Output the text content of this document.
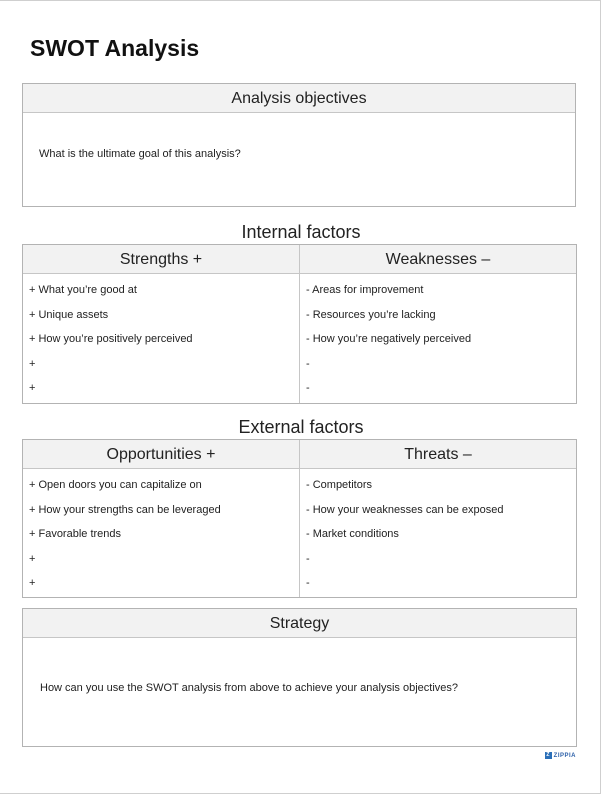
SWOT Analysis
Analysis objectives
What is the ultimate goal of this analysis?
Internal factors
Strengths +
+ What you’re good at
+ Unique assets
+ How you’re positively perceived
+
+
Weaknesses –
- Areas for improvement
- Resources you’re lacking
- How you’re negatively perceived
-
-
External factors
Opportunities +
+ Open doors you can capitalize on
+ How your strengths can be leveraged
+ Favorable trends
+
+
Threats –
- Competitors
- How your weaknesses can be exposed
- Market conditions
-
-
Strategy
How can you use the SWOT analysis from above to achieve your analysis objectives?
Z ZIPPIA
